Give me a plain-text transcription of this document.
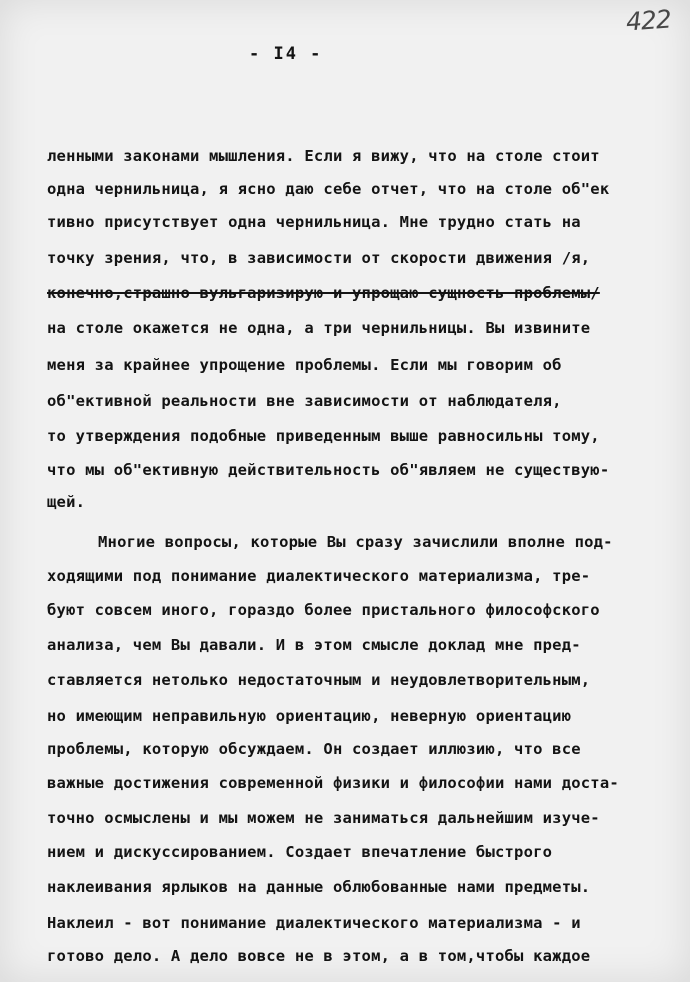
422
- I4 -
ленными законами мышления. Если я вижу, что на столе стоит
одна чернильница, я ясно даю себе отчет, что на столе об"ек
тивно присутствует одна чернильница. Мне трудно стать на
точку зрения, что, в зависимости от скорости движения /я,
конечно,страшно вульгаризирую и упрощаю сущность проблемы/
на столе окажется не одна, а три чернильницы. Вы извините
меня за крайнее упрощение проблемы. Если мы говорим об
об"ективной реальности вне зависимости от наблюдателя,
то утверждения подобные приведенным выше равносильны тому,
что мы об"ективную действительность об"являем не существую-
щей.
Многие вопросы, которые Вы сразу зачислили вполне под-
ходящими под понимание диалектического материализма, тре-
буют совсем иного, гораздо более пристального философского
анализа, чем Вы давали. И в этом смысле доклад мне пред-
ставляется нетолько недостаточным и неудовлетворительным,
но имеющим неправильную ориентацию, неверную ориентацию
проблемы, которую обсуждаем. Он создает иллюзию, что все
важные достижения современной физики и философии нами доста-
точно осмыслены и мы можем не заниматься дальнейшим изуче-
нием и дискуссированием. Создает впечатление быстрого
наклеивания ярлыков на данные облюбованные нами предметы.
Наклеил - вот понимание диалектического материализма - и
готово дело. А дело вовсе не в этом, а в том,чтобы каждое
